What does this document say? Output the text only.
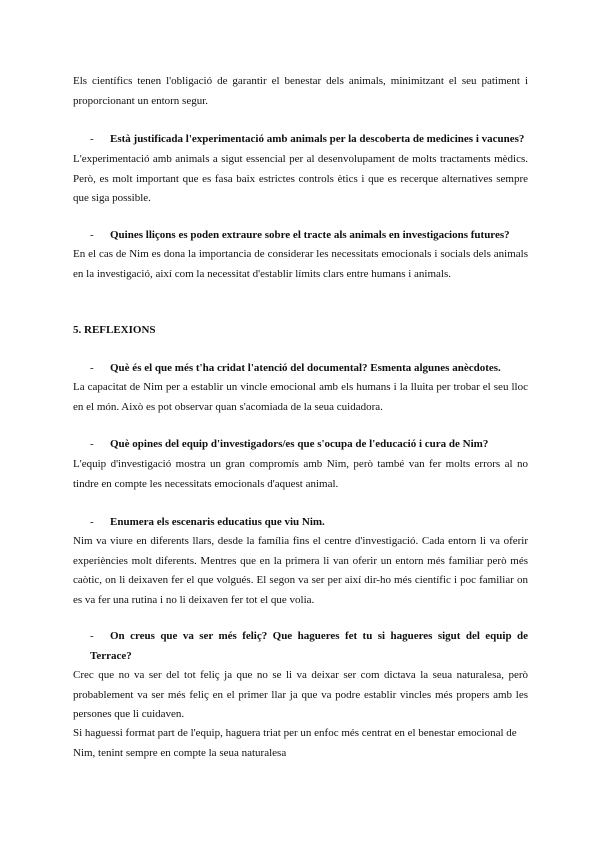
Els científics tenen l'obligació de garantir el benestar dels animals, minimitzant el seu patiment i proporcionant un entorn segur.

- Està justificada l'experimentació amb animals per la descoberta de medicines i vacunes?

L'experimentació amb animals a sigut essencial per al desenvolupament de molts tractaments mèdics. Però, es molt important que es fasa baix estrictes controls ètics i que es recerque alternatives sempre que siga possible.

- Quines lliçons es poden extraure sobre el tracte als animals en investigacions futures?

En el cas de Nim es dona la importancia de considerar les necessitats emocionals i socials dels animals en la investigació, així com la necessitat d'establir límits clars entre humans i animals.

5. REFLEXIONS

- Què és el que més t'ha cridat l'atenció del documental? Esmenta algunes anècdotes.

La capacitat de Nim per a establir un vincle emocional amb els humans i la lluita per trobar el seu lloc en el món. Això es pot observar quan s'acomiada de la seua cuidadora.

- Què opines del equip d'investigadors/es que s'ocupa de l'educació i cura de Nim?

L'equip d'investigació mostra un gran compromís amb Nim, però també van fer molts errors al no tindre en compte les necessitats emocionals d'aquest animal.

- Enumera els escenaris educatius que viu Nim.

Nim va viure en diferents llars, desde la família fins el centre d'investigació. Cada entorn li va oferir experiències molt diferents. Mentres que en la primera li van oferir un entorn més familiar però més caòtic, on li deixaven fer el que volgués. El segon va ser per així dir-ho més científic i poc familiar on es va fer una rutina i no li deixaven fer tot el que volia.

- On creus que va ser més feliç? Que hagueres fet tu si hagueres sigut del equip de Terrace?

Crec que no va ser del tot feliç ja que no se li va deixar ser com dictava la seua naturalesa, però probablement va ser més feliç en el primer llar ja que va podre establir vincles més propers amb les persones que li cuidaven.

Si haguessi format part de l'equip, haguera triat per un enfoc més centrat en el benestar emocional de Nim, tenint sempre en compte la seua naturalesa
